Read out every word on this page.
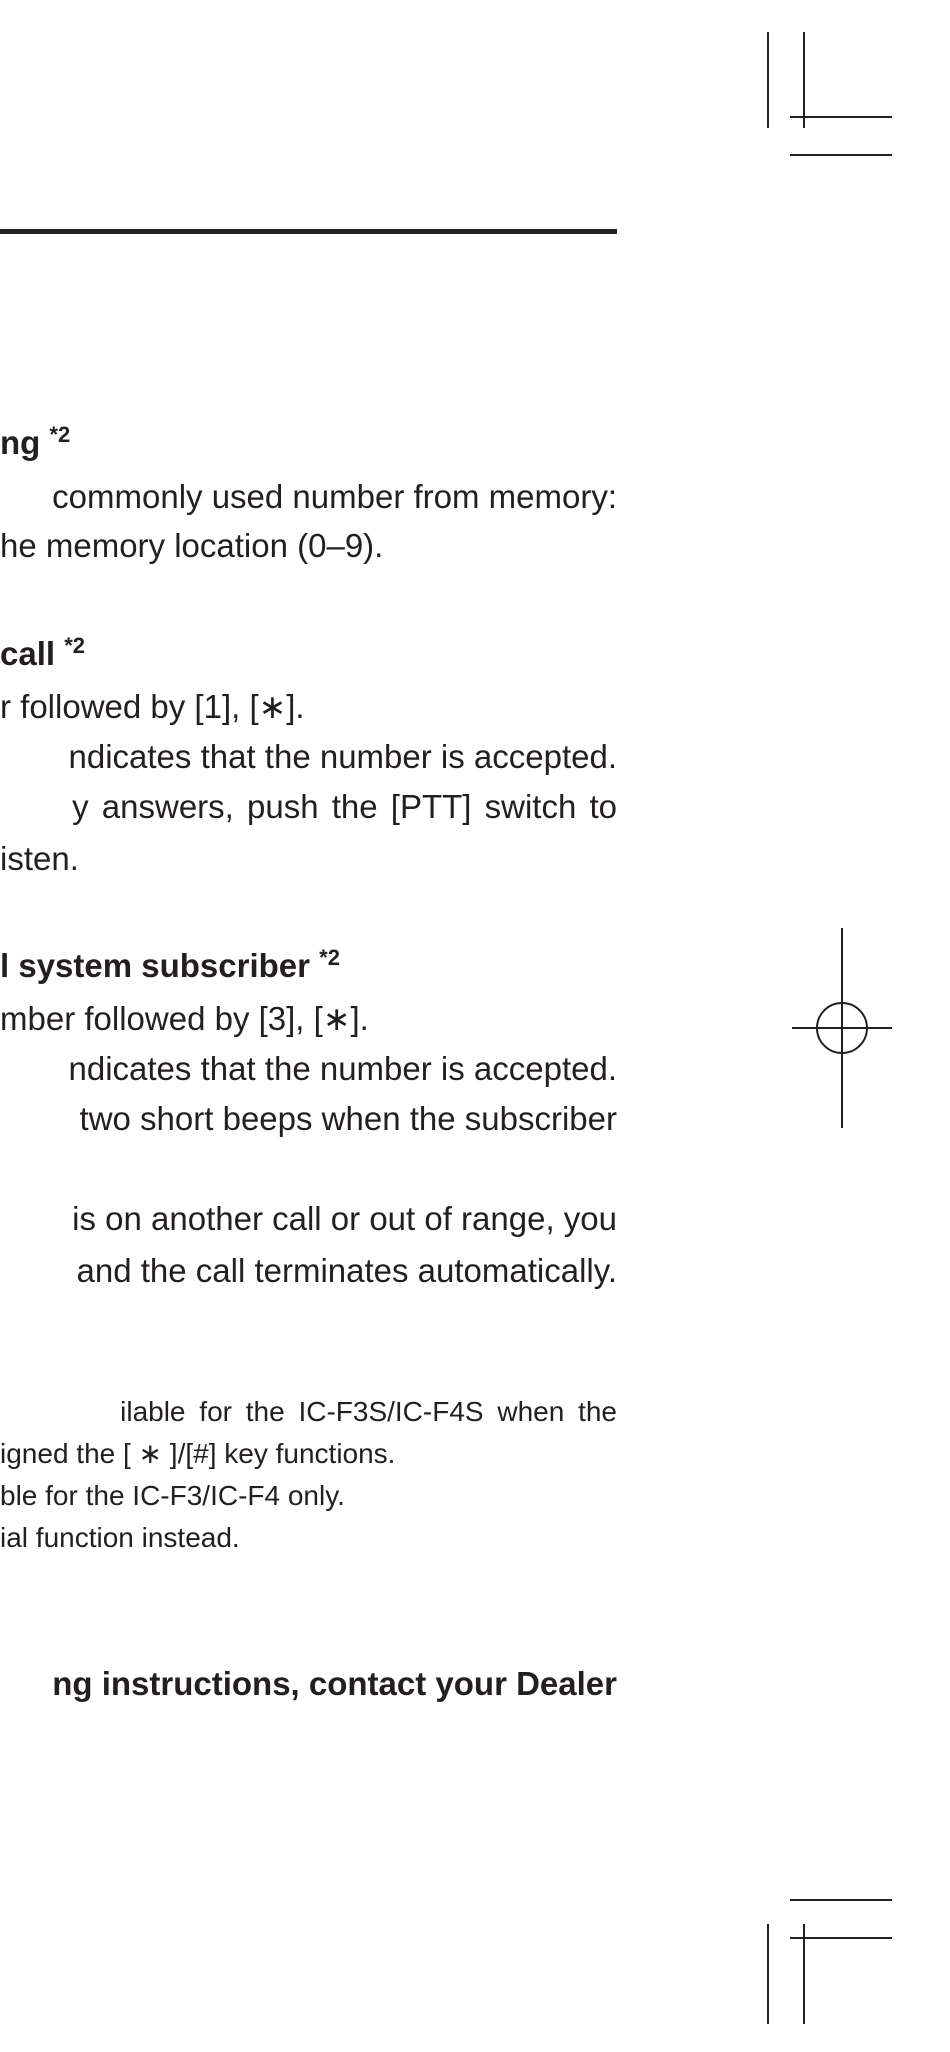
ng $^{*2}$
commonly used number from memory:
he memory location (0–9).
call $^{*2}$
r followed by [1], [∗].
ndicates that the number is accepted.
y answers, push the [PTT] switch to
isten.
l system subscriber $^{*2}$
mber followed by [3], [∗].
ndicates that the number is accepted.
two short beeps when the subscriber
is on another call or out of range, you
and the call terminates automatically.
ilable for the IC-F3S/IC-F4S when the
igned the [ ∗ ]/[#] key functions.
ble for the IC-F3/IC-F4 only.
ial function instead.
ng instructions, contact your Dealer
